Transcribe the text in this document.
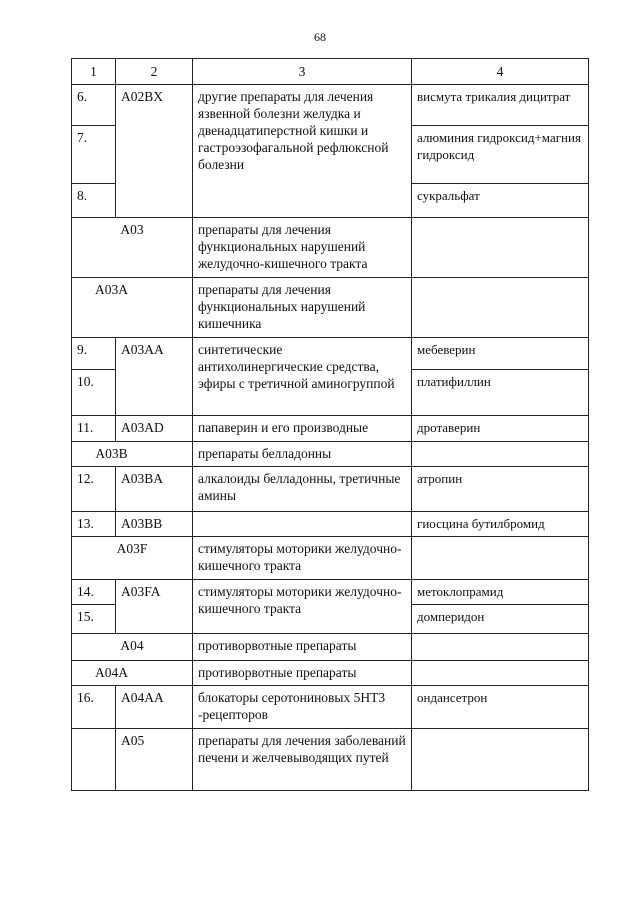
68
1	2	3	4
6.	A02BX	другие препараты для лечения язвенной болезни желудка и двенадцатиперстной кишки и гастроэзофагальной рефлюксной болезни	висмута трикалия дицитрат
7.			алюминия гидроксид+магния гидроксид
8.			сукральфат
A03		препараты для лечения функциональных нарушений желудочно-кишечного тракта	
A03A		препараты для лечения функциональных нарушений кишечника	
9.	A03AA	синтетические антихолинергические средства, эфиры с третичной аминогруппой	мебеверин
10.			платифиллин
11.	A03AD	папаверин и его производные	дротаверин
A03B		препараты белладонны	
12.	A03BA	алкалоиды белладонны, третичные амины	атропин
13.	A03BB		гиосцина бутилбромид
A03F		стимуляторы моторики желудочно-кишечного тракта	
14.	A03FA	стимуляторы моторики желудочно-кишечного тракта	метоклопрамид
15.			домперидон
A04		противорвотные препараты	
A04A		противорвотные препараты	
16.	A04AA	блокаторы серотониновых 5НТ3 -рецепторов	ондансетрон
	A05	препараты для лечения заболеваний печени и желчевыводящих путей	
